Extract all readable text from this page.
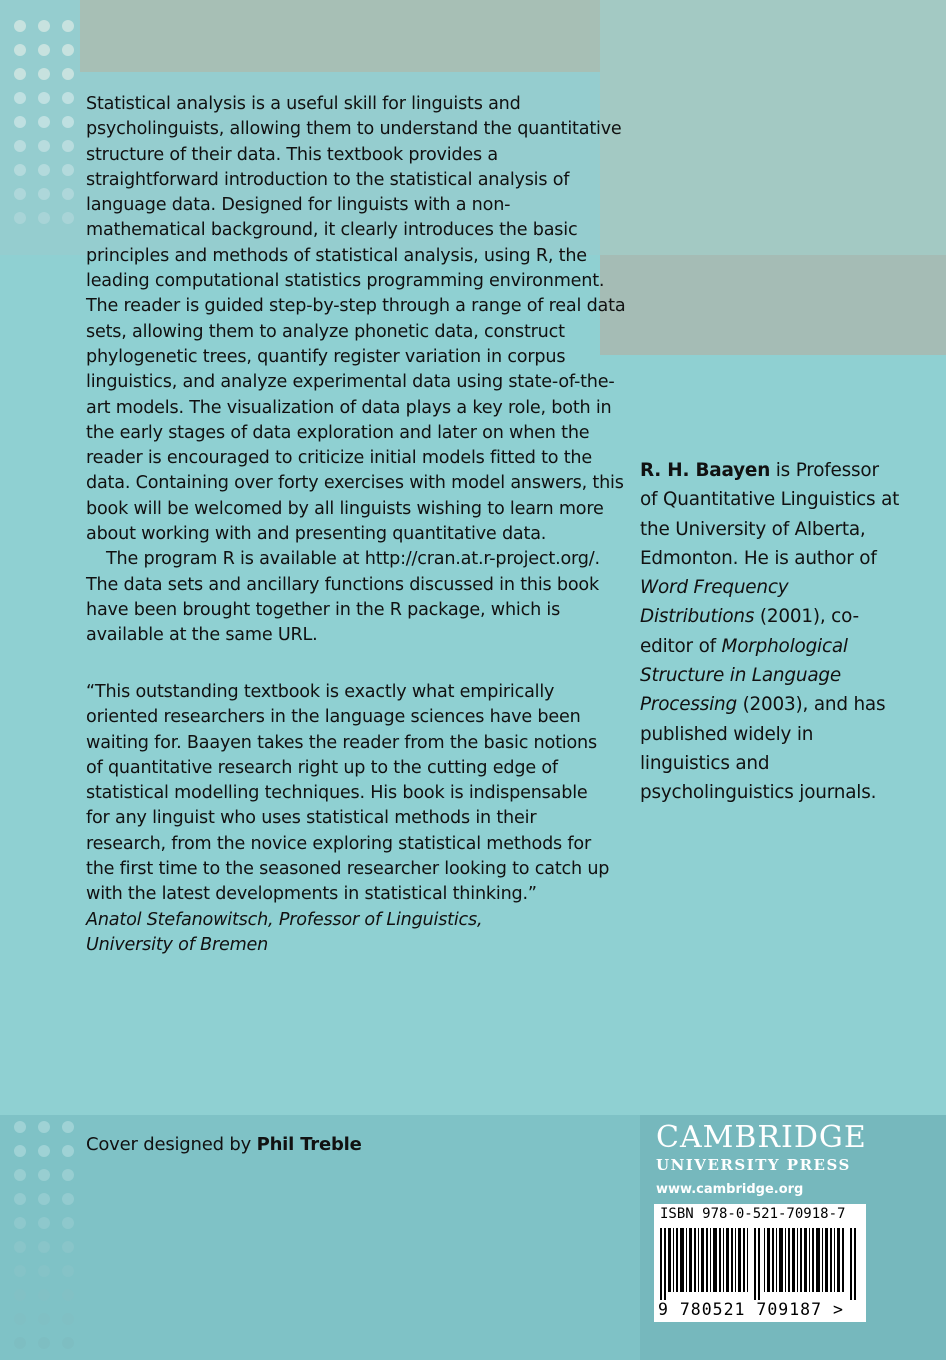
Statistical analysis is a useful skill for linguists and psycholinguists, allowing them to understand the quantitative structure of their data. This textbook provides a straightforward introduction to the statistical analysis of language data. Designed for linguists with a non-mathematical background, it clearly introduces the basic principles and methods of statistical analysis, using R, the leading computational statistics programming environment. The reader is guided step-by-step through a range of real data sets, allowing them to analyze phonetic data, construct phylogenetic trees, quantify register variation in corpus linguistics, and analyze experimental data using state-of-the-art models. The visualization of data plays a key role, both in the early stages of data exploration and later on when the reader is encouraged to criticize initial models fitted to the data. Containing over forty exercises with model answers, this book will be welcomed by all linguists wishing to learn more about working with and presenting quantitative data.

The program R is available at http://cran.at.r-project.org/. The data sets and ancillary functions discussed in this book have been brought together in the R package, which is available at the same URL.

“This outstanding textbook is exactly what empirically oriented researchers in the language sciences have been waiting for. Baayen takes the reader from the basic notions of quantitative research right up to the cutting edge of statistical modelling techniques. His book is indispensable for any linguist who uses statistical methods in their research, from the novice exploring statistical methods for the first time to the seasoned researcher looking to catch up with the latest developments in statistical thinking.”

Anatol Stefanowitsch, Professor of Linguistics,

University of Bremen

R. H. Baayen is Professor of Quantitative Linguistics at the University of Alberta, Edmonton. He is author of Word Frequency Distributions (2001), co-editor of Morphological Structure in Language Processing (2003), and has published widely in linguistics and psycholinguistics journals.
Cover designed by Phil Treble	CAMBRIDGE
UNIVERSITY PRESS
www.cambridge.org
ISBN 978-0-521-70918-7
9 780521 709187 >
